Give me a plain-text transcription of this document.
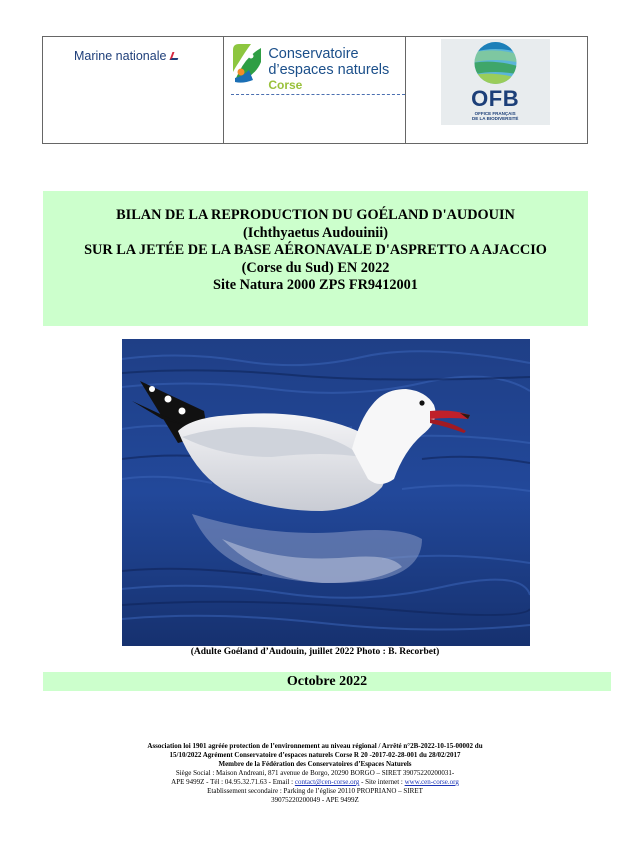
Marine nationale	Conservatoire
d’espaces naturels
Corse
OFB
OFFICE FRANÇAIS
DE LA BIODIVERSITÉ
BILAN DE LA REPRODUCTION DU GOÉLAND D'AUDOUIN
(Ichthyaetus Audouinii)
SUR LA JETÉE DE LA BASE AÉRONAVALE D'ASPRETTO A AJACCIO
(Corse du Sud) EN 2022
Site Natura 2000 ZPS FR9412001
(Adulte Goéland d’Audouin, juillet 2022 Photo : B. Recorbet)
Octobre 2022
Association loi 1901 agréée protection de l’environnement au niveau régional / Arrêté n°2B-2022-10-15-00002 du
15/10/2022 Agrément Conservatoire d’espaces naturels Corse R 20 -2017-02-28-001 du 28/02/2017
Membre de la Fédération des Conservatoires d’Espaces Naturels
Siège Social : Maison Andreani, 871 avenue de Borgo, 20290 BORGO – SIRET 39075220200031-
APE 9499Z - Tél : 04.95.32.71.63 - Email : contact@cen-corse.org - Site internet : www.cen-corse.org
Etablissement secondaire : Parking de l’église 20110 PROPRIANO – SIRET
39075220200049 - APE 9499Z
